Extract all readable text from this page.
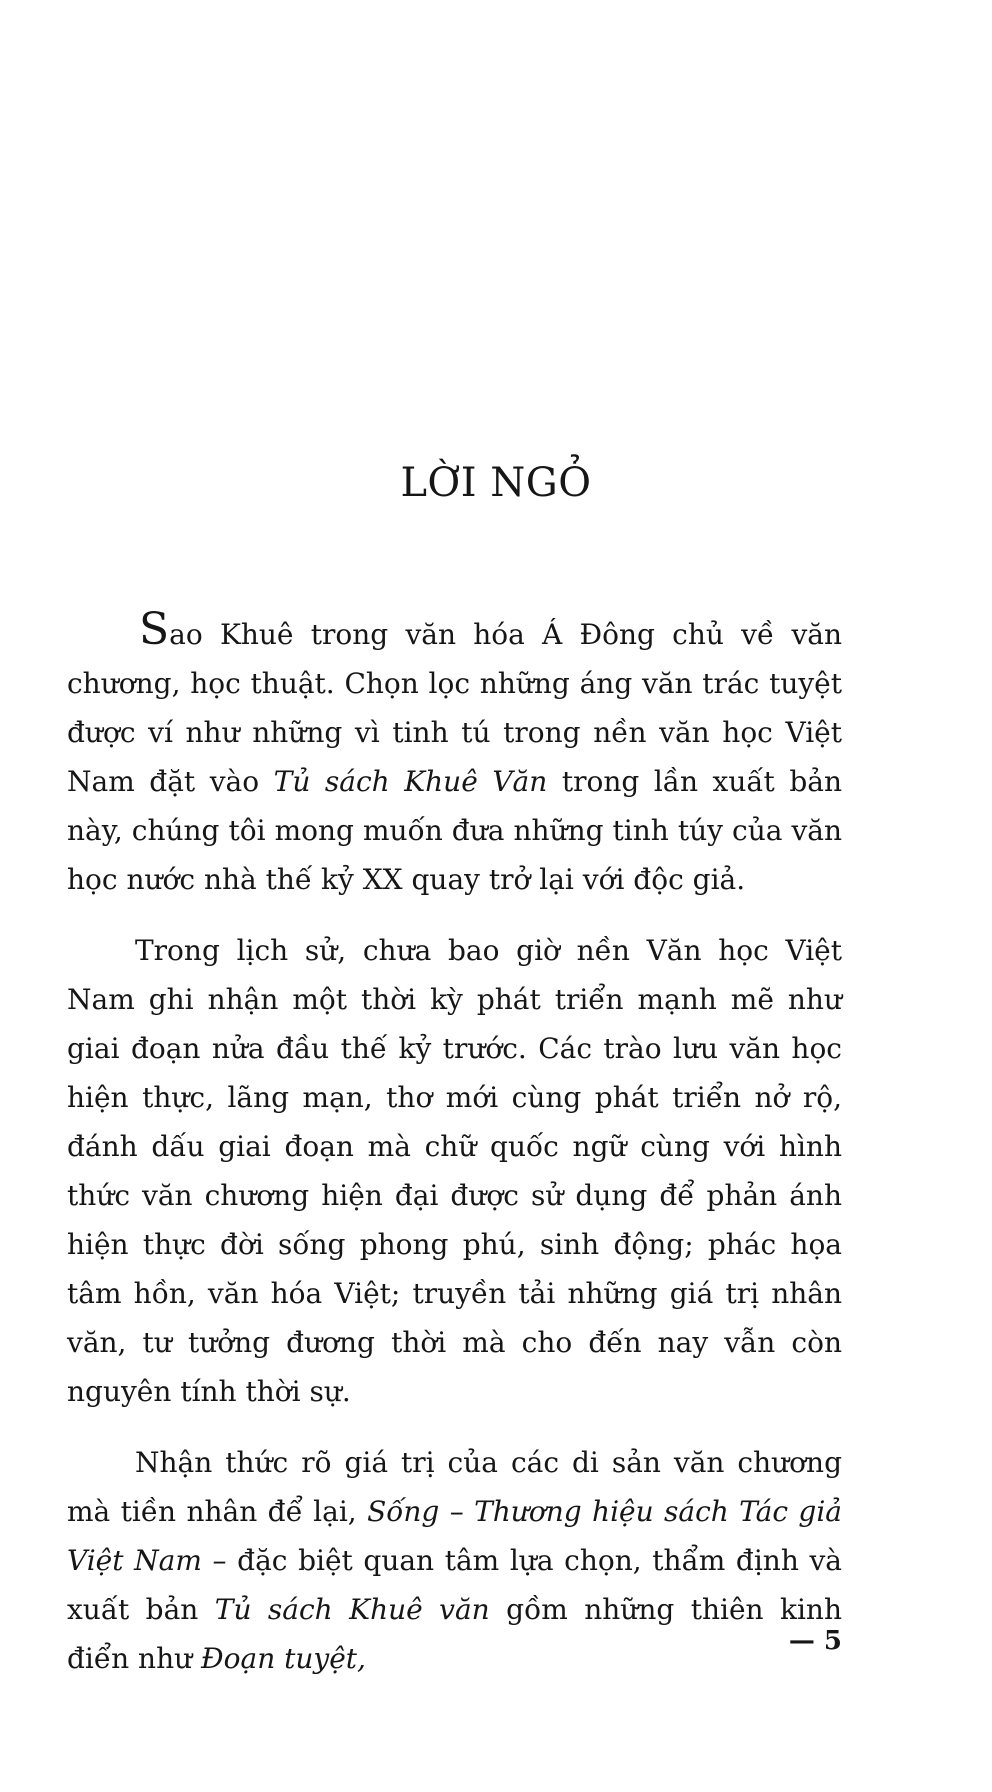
LỜI NGỎ

Sao Khuê trong văn hóa Á Đông chủ về văn chương, học thuật. Chọn lọc những áng văn trác tuyệt được ví như những vì tinh tú trong nền văn học Việt Nam đặt vào Tủ sách Khuê Văn trong lần xuất bản này, chúng tôi mong muốn đưa những tinh túy của văn học nước nhà thế kỷ XX quay trở lại với độc giả.

Trong lịch sử, chưa bao giờ nền Văn học Việt Nam ghi nhận một thời kỳ phát triển mạnh mẽ như giai đoạn nửa đầu thế kỷ trước. Các trào lưu văn học hiện thực, lãng mạn, thơ mới cùng phát triển nở rộ, đánh dấu giai đoạn mà chữ quốc ngữ cùng với hình thức văn chương hiện đại được sử dụng để phản ánh hiện thực đời sống phong phú, sinh động; phác họa tâm hồn, văn hóa Việt; truyền tải những giá trị nhân văn, tư tưởng đương thời mà cho đến nay vẫn còn nguyên tính thời sự.

Nhận thức rõ giá trị của các di sản văn chương mà tiền nhân để lại, Sống – Thương hiệu sách Tác giả Việt Nam – đặc biệt quan tâm lựa chọn, thẩm định và xuất bản Tủ sách Khuê văn gồm những thiên kinh điển như Đoạn tuyệt,

— 5
